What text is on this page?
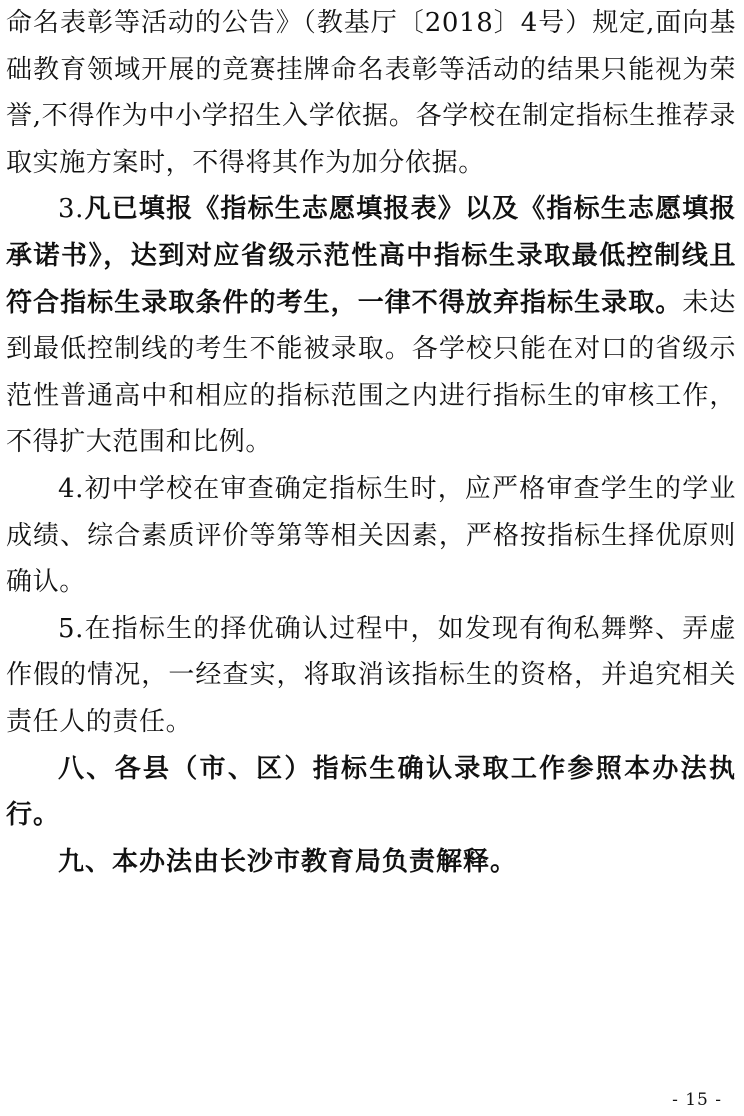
命名表彰等活动的公告》（教基厅〔2018〕4号）规定,面向基础教育领域开展的竞赛挂牌命名表彰等活动的结果只能视为荣誉,不得作为中小学招生入学依据。各学校在制定指标生推荐录取实施方案时，不得将其作为加分依据。

3.凡已填报《指标生志愿填报表》以及《指标生志愿填报承诺书》，达到对应省级示范性高中指标生录取最低控制线且符合指标生录取条件的考生，一律不得放弃指标生录取。未达到最低控制线的考生不能被录取。各学校只能在对口的省级示范性普通高中和相应的指标范围之内进行指标生的审核工作，不得扩大范围和比例。

4.初中学校在审查确定指标生时，应严格审查学生的学业成绩、综合素质评价等第等相关因素，严格按指标生择优原则确认。

5.在指标生的择优确认过程中，如发现有徇私舞弊、弄虚作假的情况，一经查实，将取消该指标生的资格，并追究相关责任人的责任。

八、各县（市、区）指标生确认录取工作参照本办法执行。

九、本办法由长沙市教育局负责解释。

- 15 -
